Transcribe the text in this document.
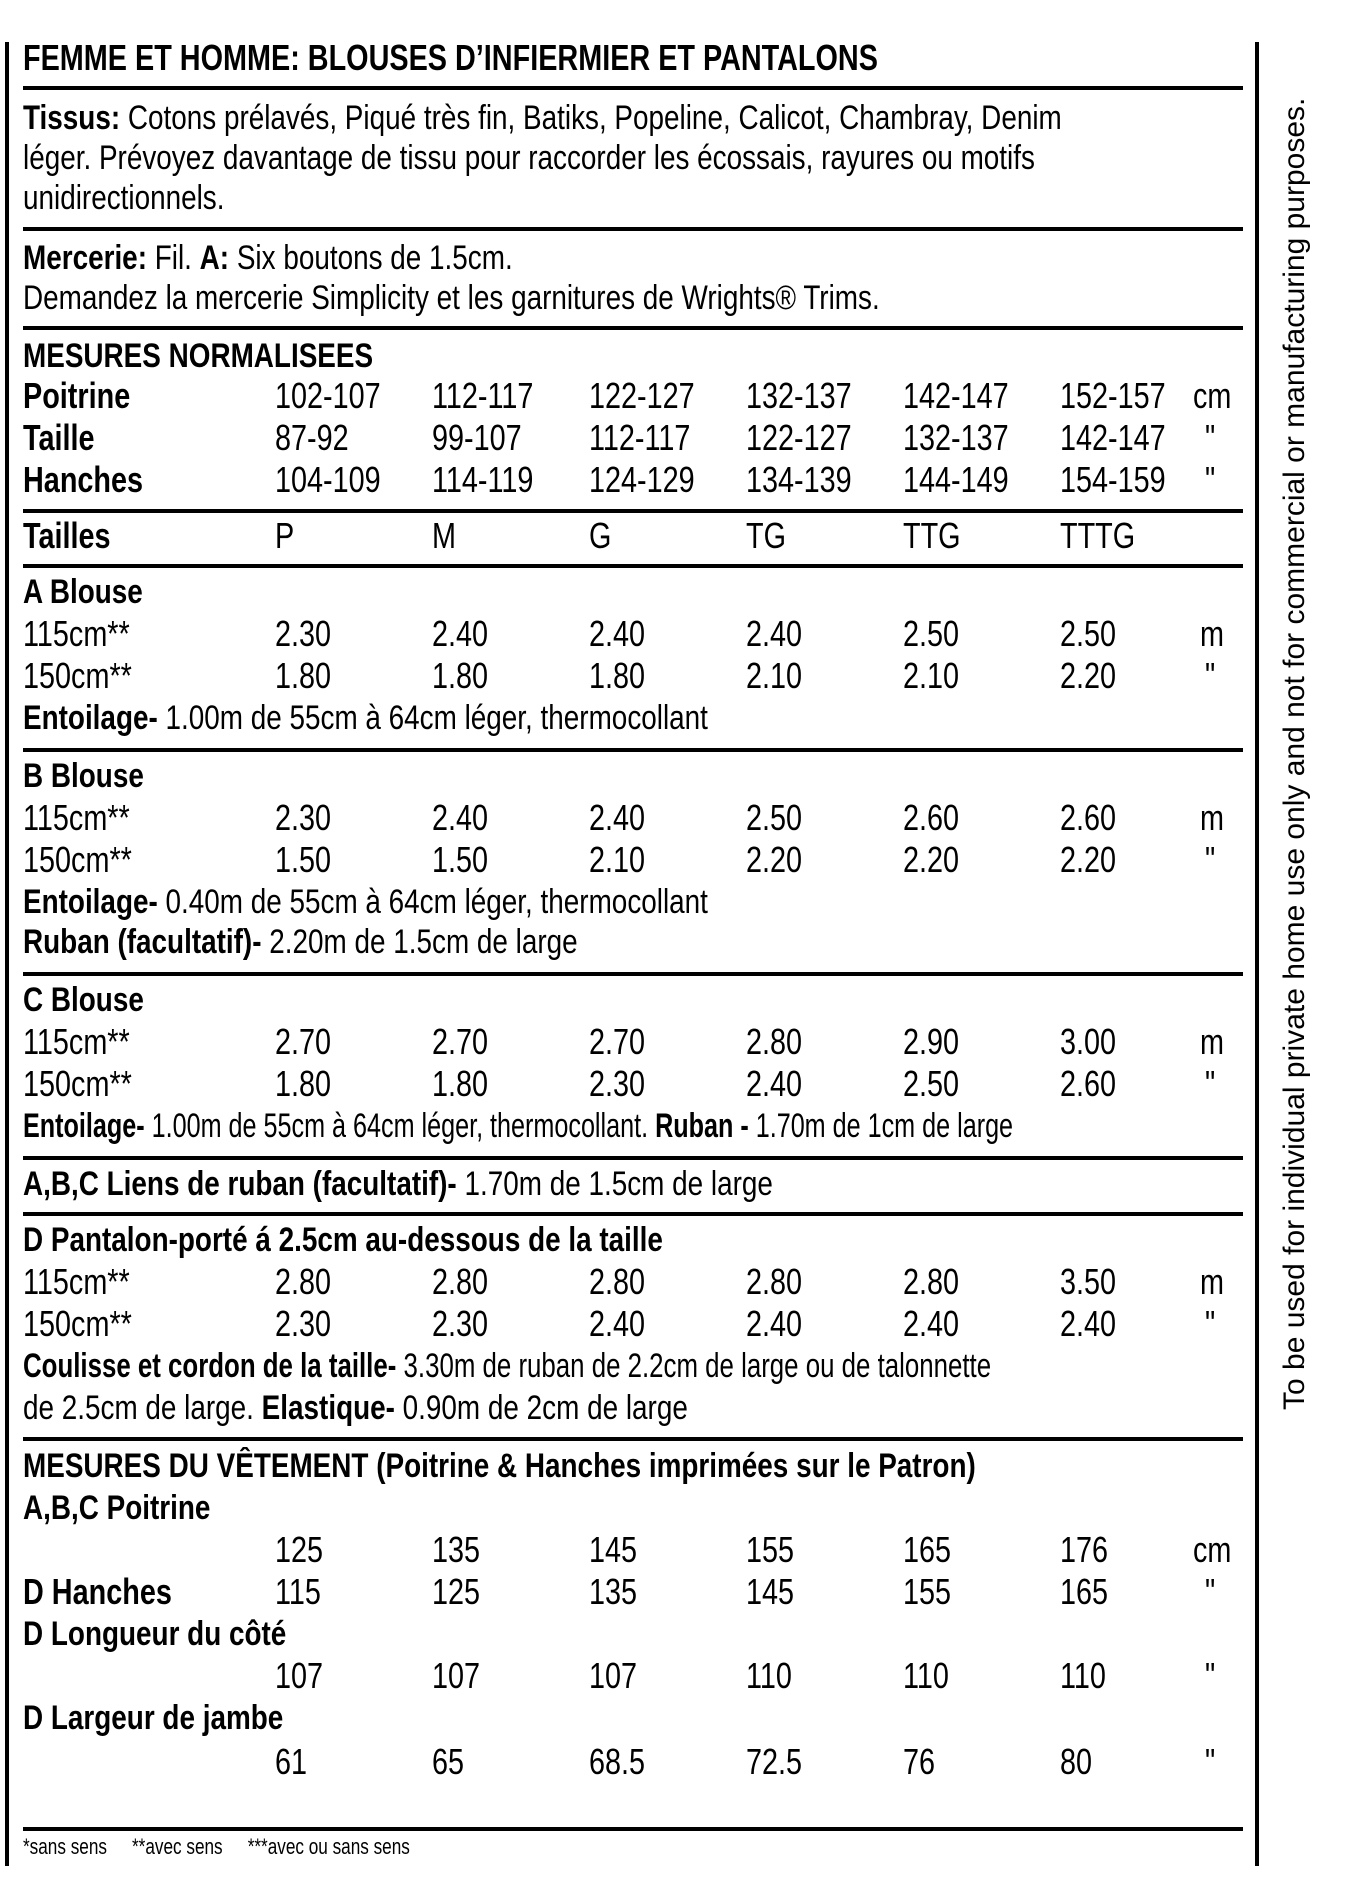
FEMME ET HOMME: BLOUSES D’INFIERMIER ET PANTALONS
Tissus: Cotons prélavés, Piqué très fin, Batiks, Popeline, Calicot, Chambray, Denim
léger. Prévoyez davantage de tissu pour raccorder les écossais, rayures ou motifs
unidirectionnels.
Mercerie: Fil. A: Six boutons de 1.5cm.
Demandez la mercerie Simplicity et les garnitures de Wrights® Trims.
MESURES NORMALISEES
Poitrine	102-107 112-117 122-127 132-137 142-147 152-157 cm
Taille	87-92 99-107 112-117 122-127 132-137 142-147 "
Hanches	104-109 114-119 124-129 134-139 144-149 154-159 "
Tailles	P	M	G	TG	TTG	TTTG
A Blouse
115cm**	2.30	2.40	2.40	2.40	2.50	2.50 m
150cm**	1.80	1.80	1.80	2.10	2.10	2.20 "
Entoilage- 1.00m de 55cm à 64cm léger, thermocollant
B Blouse
115cm**	2.30	2.40	2.40	2.50	2.60	2.60 m
150cm**	1.50	1.50	2.10	2.20	2.20	2.20 "
Entoilage- 0.40m de 55cm à 64cm léger, thermocollant
Ruban (facultatif)- 2.20m de 1.5cm de large
C Blouse
115cm**	2.70	2.70	2.70	2.80	2.90	3.00 m
150cm**	1.80	1.80	2.30	2.40	2.50	2.60 "
Entoilage- 1.00m de 55cm à 64cm léger, thermocollant. Ruban - 1.70m de 1cm de large
A,B,C Liens de ruban (facultatif)- 1.70m de 1.5cm de large
D Pantalon-porté á 2.5cm au-dessous de la taille
115cm**	2.80	2.80	2.80	2.80	2.80	3.50 m
150cm**	2.30	2.30	2.40	2.40	2.40	2.40 "
Coulisse et cordon de la taille- 3.30m de ruban de 2.2cm de large ou de talonnette
de 2.5cm de large. Elastique- 0.90m de 2cm de large
MESURES DU VÊTEMENT (Poitrine & Hanches imprimées sur le Patron)
A,B,C Poitrine
125	135	145	155	165	176 cm
D Hanches	115	125	135	145	155	165	"
D Longueur du côté
107	107	107	110	110	110	"
D Largeur de jambe
61	65	68.5	72.5	76	80	"
*sans sens **avec sens ***avec ou sans sens
To be used for individual private home use only and not for commercial or manufacturing purposes.
